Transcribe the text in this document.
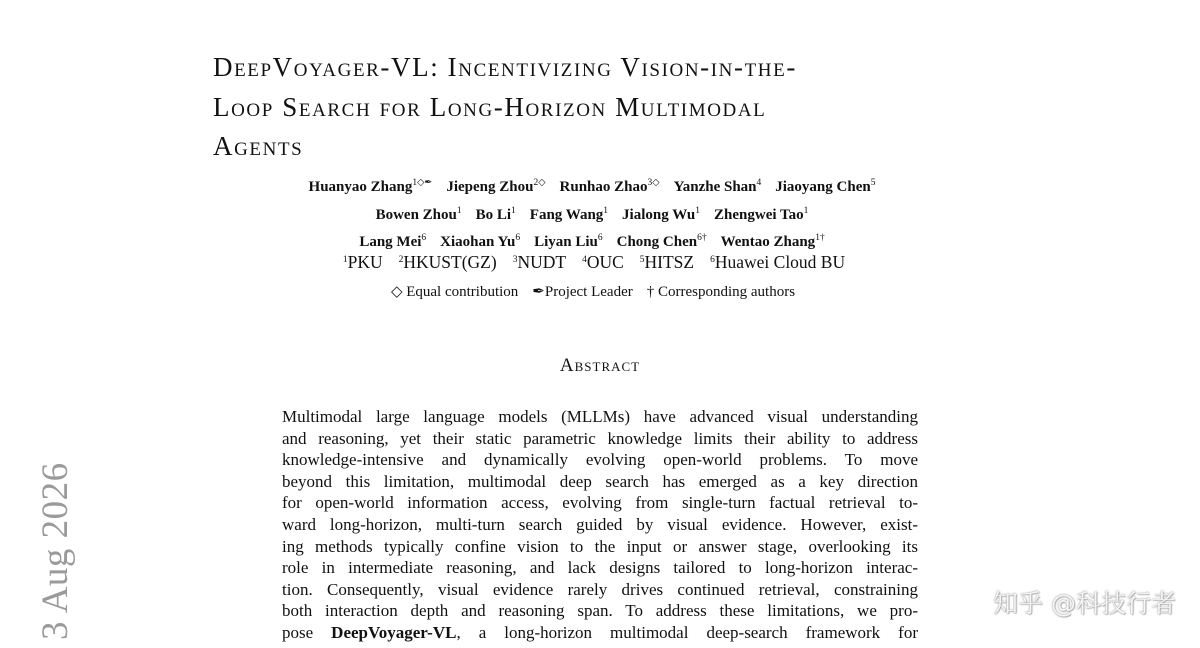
DeepVoyager-VL: Incentivizing Vision-in-the-
Loop Search for Long-Horizon Multimodal
Agents

Huanyao Zhang$^{1◇✒}$ Jiepeng Zhou$^{2◇}$ Runhao Zhao$^{3◇}$ Yanzhe Shan$^4$ Jiaoyang Chen$^5$
Bowen Zhou$^1$ Bo Li$^1$ Fang Wang$^1$ Jialong Wu$^1$ Zhengwei Tao$^1$
Lang Mei$^6$ Xiaohan Yu$^6$ Liyan Liu$^6$ Chong Chen$^{6\dagger}$ Wentao Zhang$^{1\dagger}$
$^1$PKU $^2$HKUST(GZ) $^3$NUDT $^4$OUC $^5$HITSZ $^6$Huawei Cloud BU
◇ Equal contribution ✒Project Leader † Corresponding authors
Abstract
Multimodal large language models (MLLMs) have advanced visual understanding
and reasoning, yet their static parametric knowledge limits their ability to address
knowledge-intensive and dynamically evolving open-world problems. To move
beyond this limitation, multimodal deep search has emerged as a key direction
for open-world information access, evolving from single-turn factual retrieval to-
ward long-horizon, multi-turn search guided by visual evidence. However, exist-
ing methods typically confine vision to the input or answer stage, overlooking its
role in intermediate reasoning, and lack designs tailored to long-horizon interac-
tion. Consequently, visual evidence rarely drives continued retrieval, constraining
both interaction depth and reasoning span. To address these limitations, we pro-
pose DeepVoyager-VL, a long-horizon multimodal deep-search framework for
3 Aug 2026	知乎 @科技行者
